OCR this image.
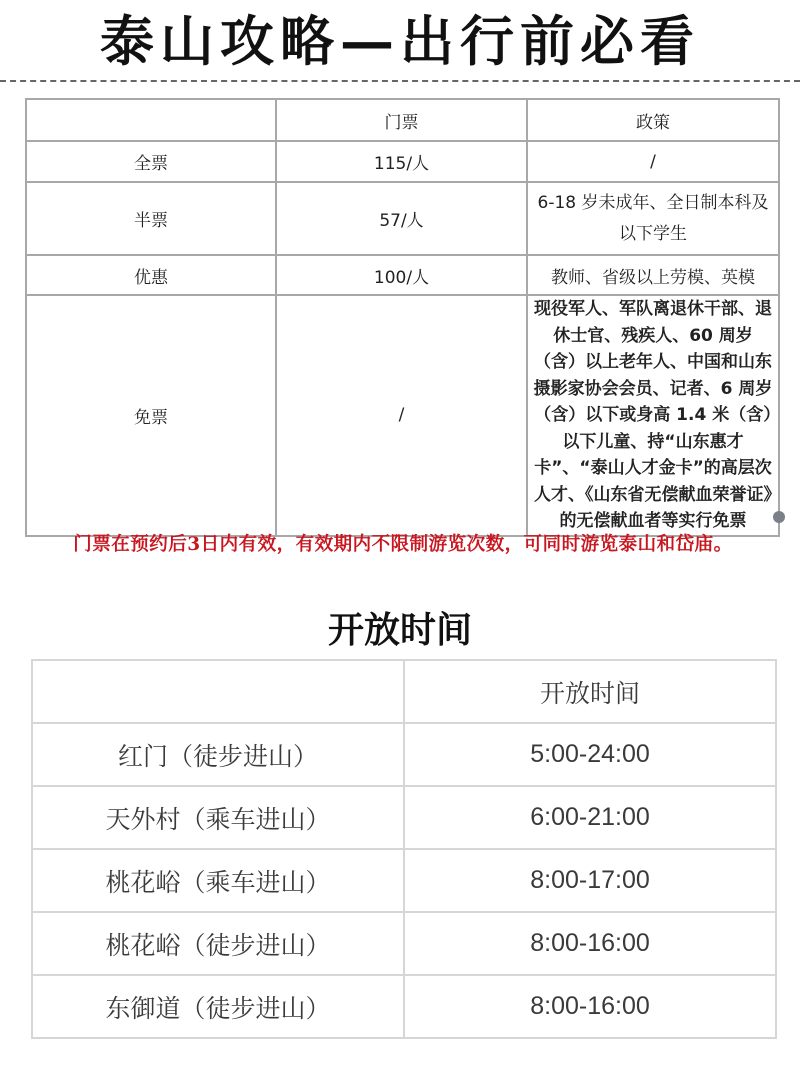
泰山攻略—出行前必看
	门票	政策
全票	115/人	/
半票	57/人	6-18 岁未成年、全日制本科及以下学生
优惠	100/人	教师、省级以上劳模、英模
免票	/	现役军人、军队离退休干部、退休士官、残疾人、60 周岁（含）以上老年人、中国和山东摄影家协会会员、记者、6 周岁（含）以下或身高 1.4 米（含）以下儿童、持“山东惠才卡”、“泰山人才金卡”的高层次人才、《山东省无偿献血荣誉证》的无偿献血者等实行免票
门票在预约后3日内有效，有效期内不限制游览次数，可同时游览泰山和岱庙。
开放时间
	开放时间
红门（徒步进山）	5:00-24:00
天外村（乘车进山）	6:00-21:00
桃花峪（乘车进山）	8:00-17:00
桃花峪（徒步进山）	8:00-16:00
东御道（徒步进山）	8:00-16:00
